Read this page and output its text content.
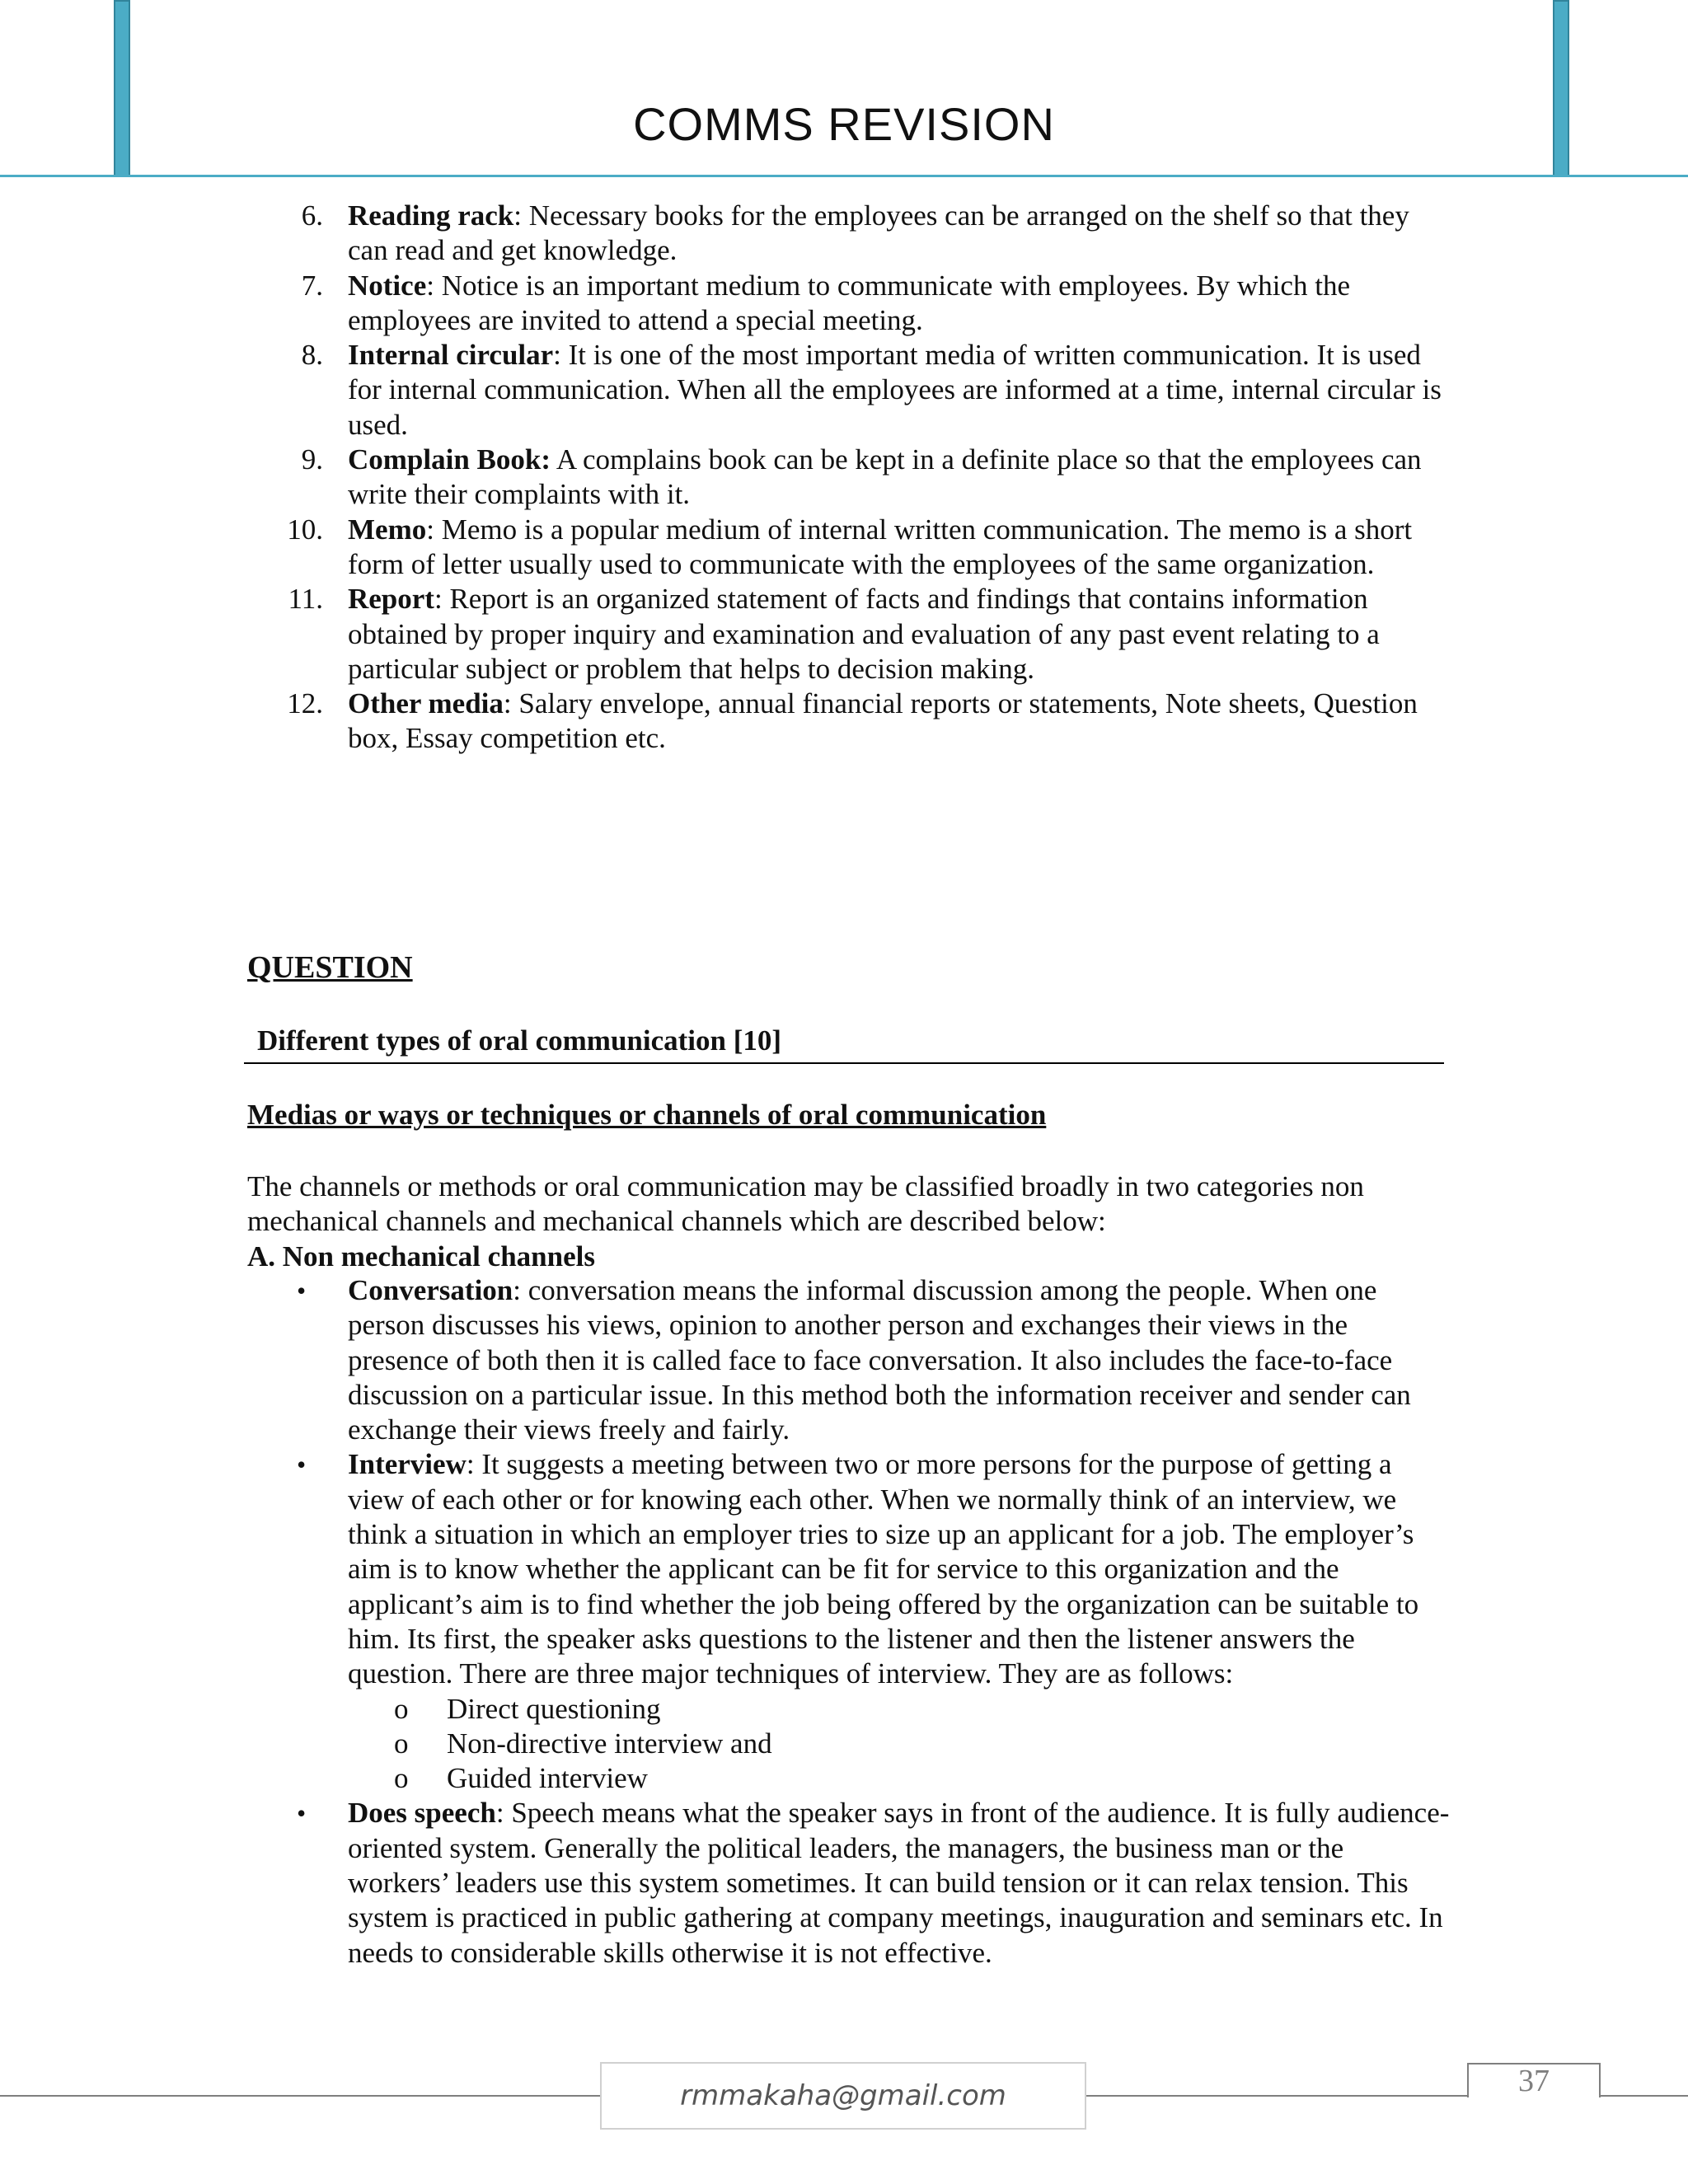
COMMS REVISION
6. Reading rack: Necessary books for the employees can be arranged on the shelf so that they can read and get knowledge.
7. Notice: Notice is an important medium to communicate with employees. By which the employees are invited to attend a special meeting.
8. Internal circular: It is one of the most important media of written communication. It is used for internal communication. When all the employees are informed at a time, internal circular is used.
9. Complain Book: A complains book can be kept in a definite place so that the employees can write their complaints with it.
10. Memo: Memo is a popular medium of internal written communication. The memo is a short form of letter usually used to communicate with the employees of the same organization.
11. Report: Report is an organized statement of facts and findings that contains information obtained by proper inquiry and examination and evaluation of any past event relating to a particular subject or problem that helps to decision making.
12. Other media: Salary envelope, annual financial reports or statements, Note sheets, Question box, Essay competition etc.
QUESTION
Different types of oral communication [10]
Medias or ways or techniques or channels of oral communication
The channels or methods or oral communication may be classified broadly in two categories non mechanical channels and mechanical channels which are described below:
A. Non mechanical channels
• Conversation: conversation means the informal discussion among the people. When one person discusses his views, opinion to another person and exchanges their views in the presence of both then it is called face to face conversation. It also includes the face-to-face discussion on a particular issue. In this method both the information receiver and sender can exchange their views freely and fairly.
• Interview: It suggests a meeting between two or more persons for the purpose of getting a view of each other or for knowing each other. When we normally think of an interview, we think a situation in which an employer tries to size up an applicant for a job. The employer’s aim is to know whether the applicant can be fit for service to this organization and the applicant’s aim is to find whether the job being offered by the organization can be suitable to him. Its first, the speaker asks questions to the listener and then the listener answers the question. There are three major techniques of interview. They are as follows:
o Direct questioning
o Non-directive interview and
o Guided interview
• Does speech: Speech means what the speaker says in front of the audience. It is fully audience-oriented system. Generally the political leaders, the managers, the business man or the workers’ leaders use this system sometimes. It can build tension or it can relax tension. This system is practiced in public gathering at company meetings, inauguration and seminars etc. In needs to considerable skills otherwise it is not effective.
rmmakaha@gmail.com	37
